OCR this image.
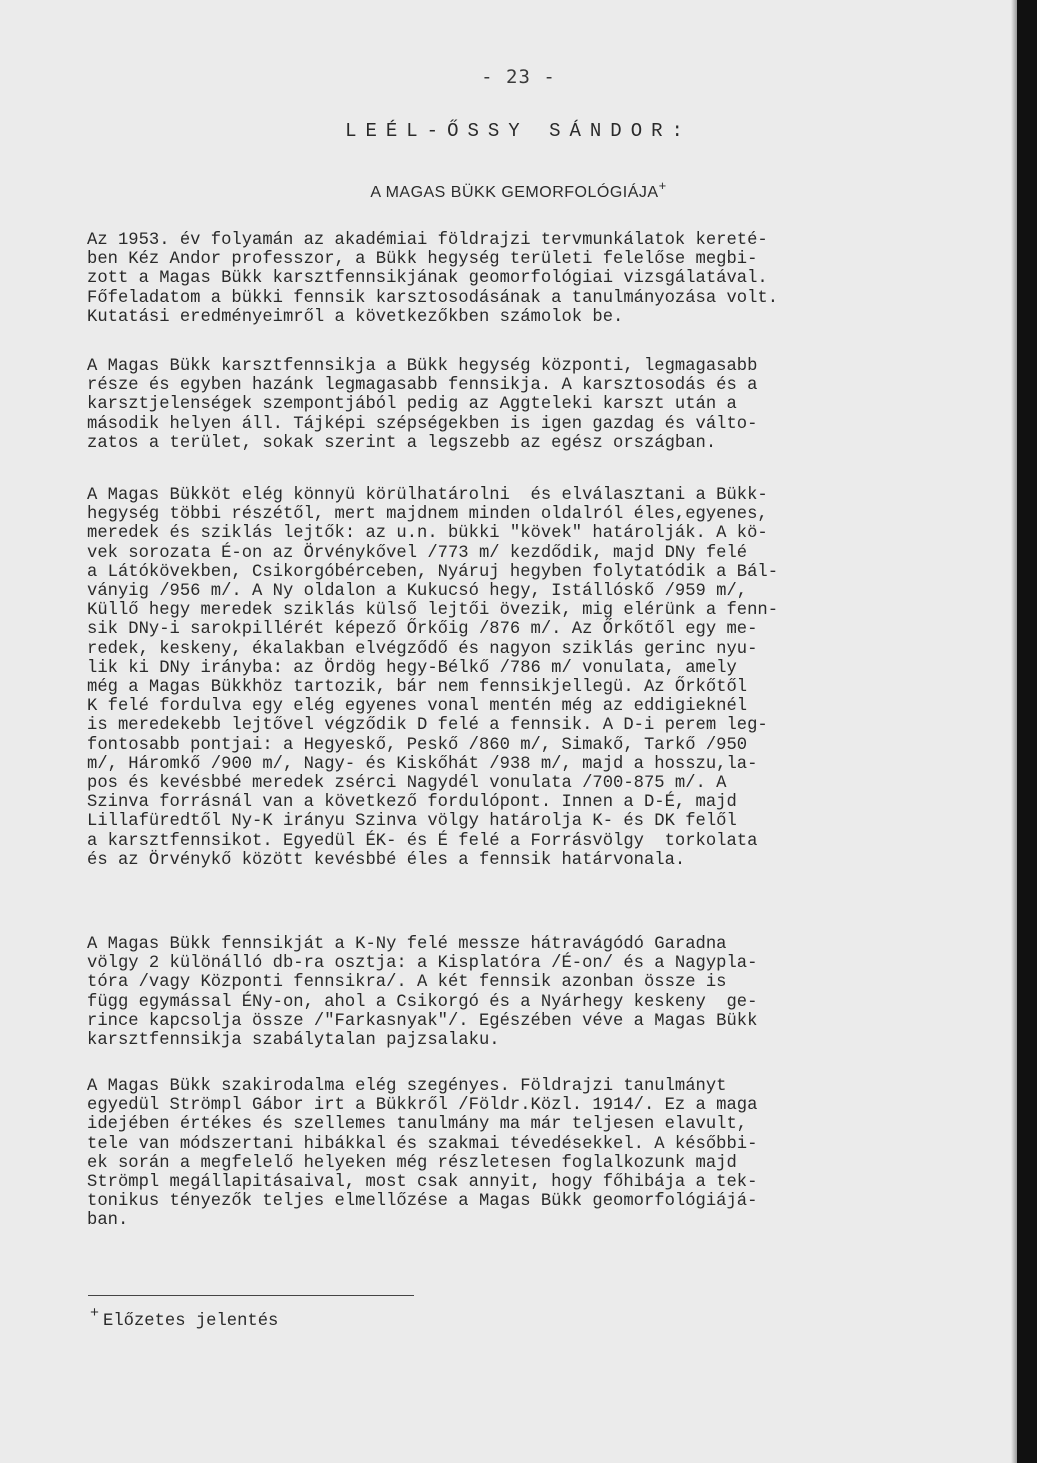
- 23 -
LEÉL-ŐSSY SÁNDOR:
A MAGAS BÜKK GEMORFOLÓGIÁJA+
Az 1953. év folyamán az akadémiai földrajzi tervmunkálatok kereté-
ben Kéz Andor professzor, a Bükk hegység területi felelőse megbi-
zott a Magas Bükk karsztfennsikjának geomorfológiai vizsgálatával.
Főfeladatom a bükki fennsik karsztosodásának a tanulmányozása volt.
Kutatási eredményeimről a következőkben számolok be.
A Magas Bükk karsztfennsikja a Bükk hegység központi, legmagasabb
része és egyben hazánk legmagasabb fennsikja. A karsztosodás és a
karsztjelenségek szempontjából pedig az Aggteleki karszt után a
második helyen áll. Tájképi szépségekben is igen gazdag és válto-
zatos a terület, sokak szerint a legszebb az egész országban.
A Magas Bükköt elég könnyü körülhatárolni  és elválasztani a Bükk-
hegység többi részétől, mert majdnem minden oldalról éles,egyenes,
meredek és sziklás lejtők: az u.n. bükki "kövek" határolják. A kö-
vek sorozata É-on az Örvénykővel /773 m/ kezdődik, majd DNy felé
a Látókövekben, Csikorgóbérceben, Nyáruj hegyben folytatódik a Bál-
ványig /956 m/. A Ny oldalon a Kukucsó hegy, Istállóskő /959 m/,
Küllő hegy meredek sziklás külső lejtői övezik, mig elérünk a fenn-
sik DNy-i sarokpillérét képező Őrkőig /876 m/. Az Őrkőtől egy me-
redek, keskeny, ékalakban elvégződő és nagyon sziklás gerinc nyu-
lik ki DNy irányba: az Ördög hegy-Bélkő /786 m/ vonulata, amely
még a Magas Bükkhöz tartozik, bár nem fennsikjellegü. Az Őrkőtől
K felé fordulva egy elég egyenes vonal mentén még az eddigieknél
is meredekebb lejtővel végződik D felé a fennsik. A D-i perem leg-
fontosabb pontjai: a Hegyeskő, Peskő /860 m/, Simakő, Tarkő /950
m/, Háromkő /900 m/, Nagy- és Kiskőhát /938 m/, majd a hosszu,la-
pos és kevésbbé meredek zsérci Nagydél vonulata /700-875 m/. A
Szinva forrásnál van a következő fordulópont. Innen a D-É, majd
Lillafüredtől Ny-K irányu Szinva völgy határolja K- és DK felől
a karsztfennsikot. Egyedül ÉK- és É felé a Forrásvölgy  torkolata
és az Örvénykő között kevésbbé éles a fennsik határvonala.
A Magas Bükk fennsikját a K-Ny felé messze hátravágódó Garadna
völgy 2 különálló db-ra osztja: a Kisplatóra /É-on/ és a Nagypla-
tóra /vagy Központi fennsikra/. A két fennsik azonban össze is
függ egymással ÉNy-on, ahol a Csikorgó és a Nyárhegy keskeny  ge-
rince kapcsolja össze /"Farkasnyak"/. Egészében véve a Magas Bükk
karsztfennsikja szabálytalan pajzsalaku.
A Magas Bükk szakirodalma elég szegényes. Földrajzi tanulmányt
egyedül Strömpl Gábor irt a Bükkről /Földr.Közl. 1914/. Ez a maga
idejében értékes és szellemes tanulmány ma már teljesen elavult,
tele van módszertani hibákkal és szakmai tévedésekkel. A későbbi-
ek során a megfelelő helyeken még részletesen foglalkozunk majd
Strömpl megállapitásaival, most csak annyit, hogy főhibája a tek-
tonikus tényezők teljes elmellőzése a Magas Bükk geomorfológiájá-
ban.
+ Előzetes jelentés
